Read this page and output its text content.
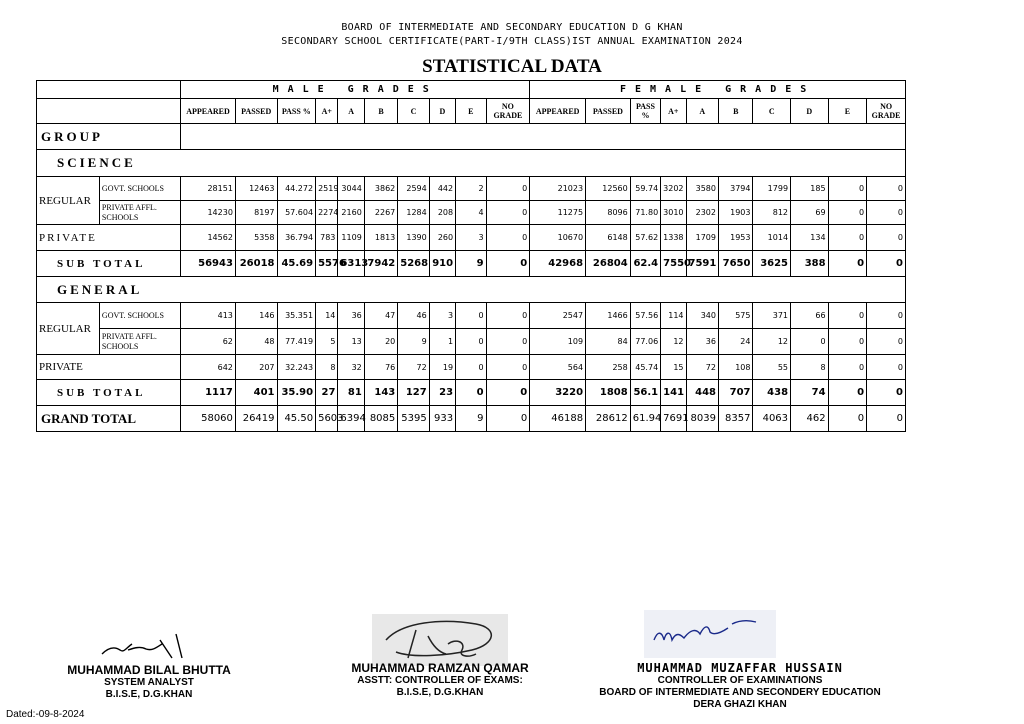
BOARD OF INTERMEDIATE AND SECONDARY EDUCATION D G KHAN
SECONDARY SCHOOL CERTIFICATE(PART-I/9TH CLASS)IST ANNUAL EXAMINATION 2024
STATISTICAL DATA
		MALE GRADES										FEMALE GRADES									
		APPEARED	PASSED	PASS %	A+	A	B	C	D	E	NO GRADE	APPEARED	PASSED	PASS %	A+	A	B	C	D	E	NO GRADE
GROUP																					
SCIENCE																					
REGULAR	GOVT. SCHOOLS	28151	12463	44.272	2519	3044	3862	2594	442	2	0	21023	12560	59.74	3202	3580	3794	1799	185	0	0
	PRIVATE AFFL. SCHOOLS	14230	8197	57.604	2274	2160	2267	1284	208	4	0	11275	8096	71.80	3010	2302	1903	812	69	0	0
PRIVATE		14562	5358	36.794	783	1109	1813	1390	260	3	0	10670	6148	57.62	1338	1709	1953	1014	134	0	0
SUB TOTAL		56943	26018	45.69	5576	6313	7942	5268	910	9	0	42968	26804	62.4	7550	7591	7650	3625	388	0	0
GENERAL																					
REGULAR	GOVT. SCHOOLS	413	146	35.351	14	36	47	46	3	0	0	2547	1466	57.56	114	340	575	371	66	0	0
	PRIVATE AFFL. SCHOOLS	62	48	77.419	5	13	20	9	1	0	0	109	84	77.06	12	36	24	12	0	0	0
PRIVATE		642	207	32.243	8	32	76	72	19	0	0	564	258	45.74	15	72	108	55	8	0	0
SUB TOTAL		1117	401	35.90	27	81	143	127	23	0	0	3220	1808	56.1	141	448	707	438	74	0	0
GRAND TOTAL		58060	26419	45.50	5603	6394	8085	5395	933	9	0	46188	28612	61.94	7691	8039	8357	4063	462	0	0
MUHAMMAD BILAL BHUTTA
SYSTEM ANALYST
B.I.S.E, D.G.KHAN
MUHAMMAD RAMZAN QAMAR
ASSTT: CONTROLLER OF EXAMS:
B.I.S.E, D.G.KHAN
MUHAMMAD MUZAFFAR HUSSAIN
CONTROLLER OF EXAMINATIONS
BOARD OF INTERMEDIATE AND SECONDERY EDUCATION
DERA GHAZI KHAN
Dated:-09-8-2024
